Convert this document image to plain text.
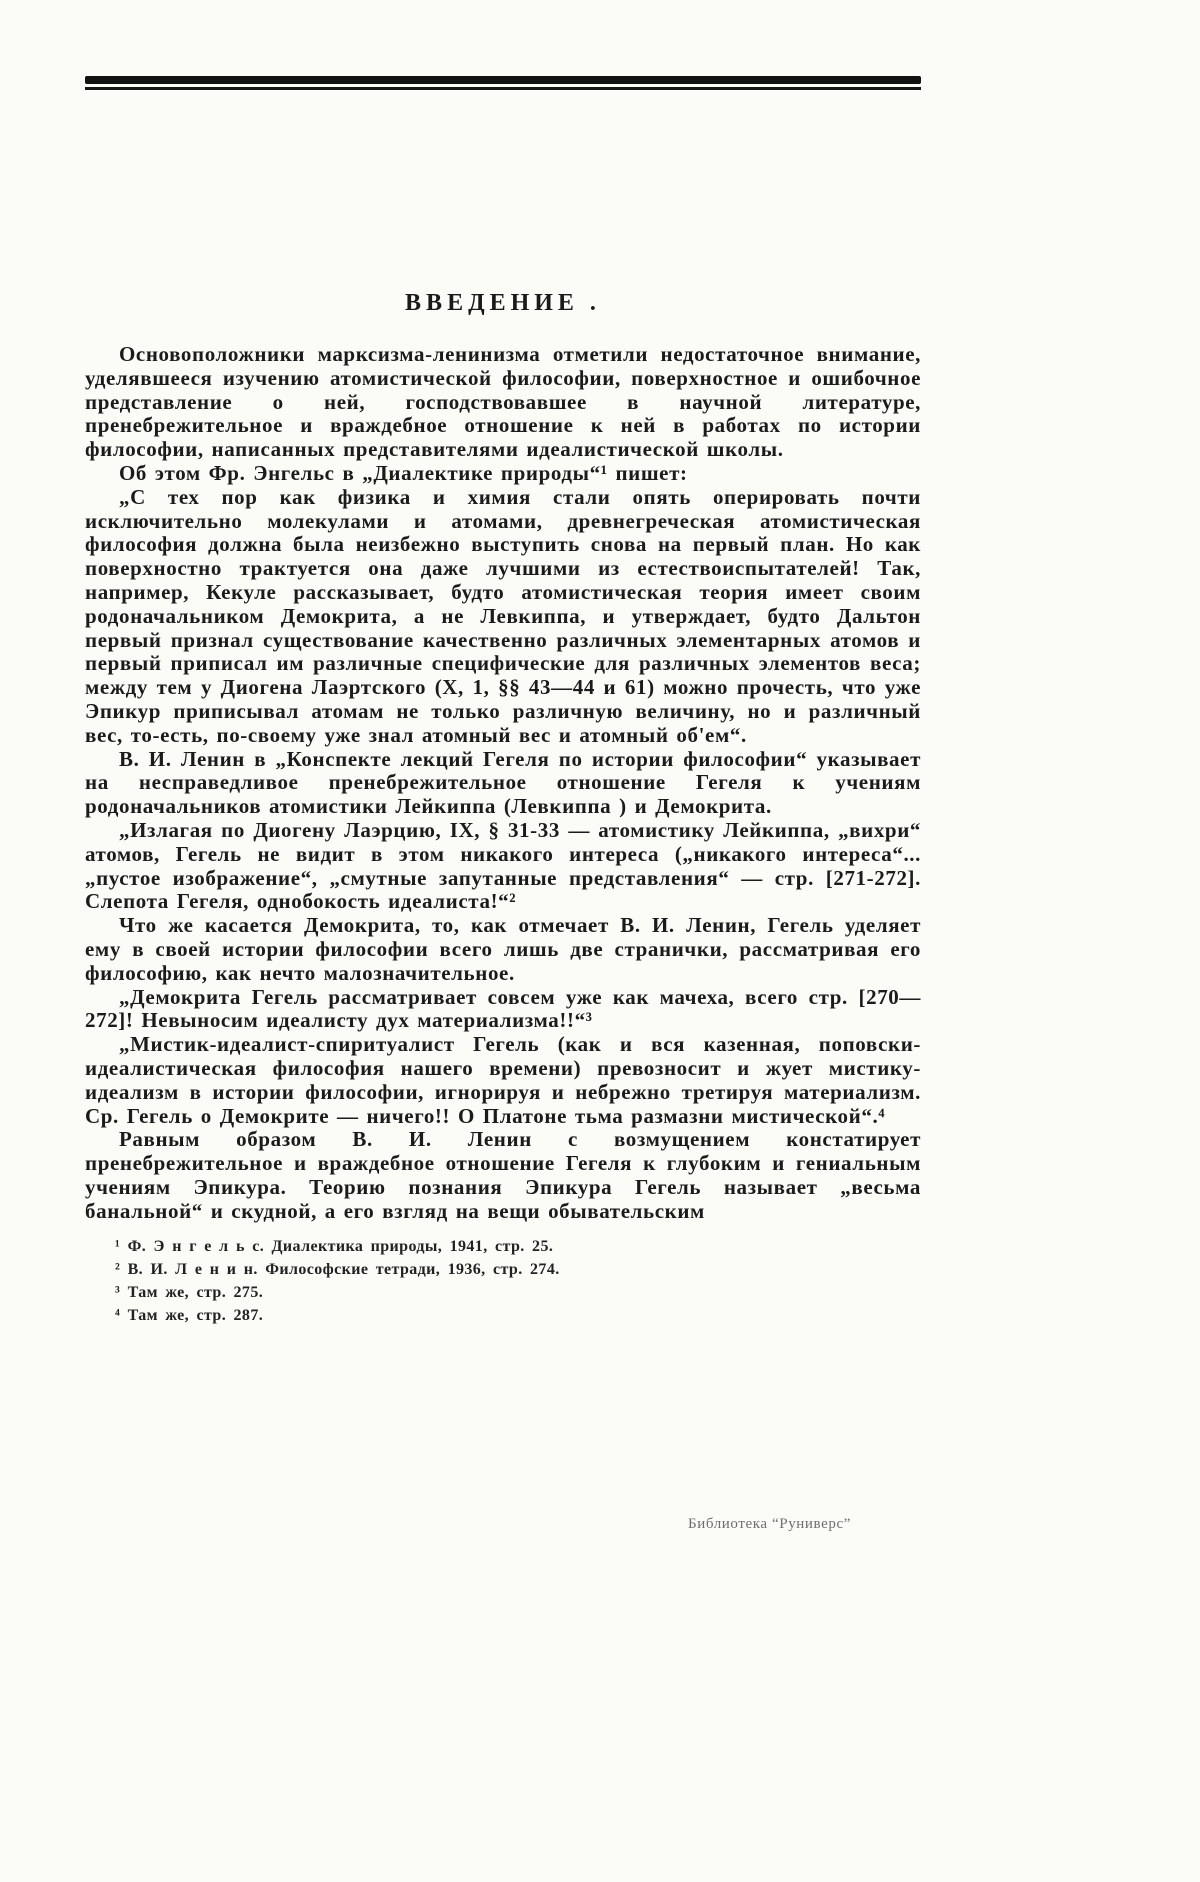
ВВЕДЕНИЕ .

Основоположники марксизма-ленинизма отметили недостаточное внимание, уделявшееся изучению атомистической философии, поверхностное и ошибочное представление о ней, господствовавшее в научной литературе, пренебрежительное и враждебное отношение к ней в работах по истории философии, написанных представителями идеалистической школы.

Об этом Фр. Энгельс в „Диалектике природы“¹ пишет:

„С тех пор как физика и химия стали опять оперировать почти исключительно молекулами и атомами, древнегреческая атомистическая философия должна была неизбежно выступить снова на первый план. Но как поверхностно трактуется она даже лучшими из естествоиспытателей! Так, например, Кекуле рассказывает, будто атомистическая теория имеет своим родоначальником Демокрита, а не Левкиппа, и утверждает, будто Дальтон первый признал существование качественно различных элементарных атомов и первый приписал им различные специфические для различных элементов веса; между тем у Диогена Лаэртского (X, 1, §§ 43—44 и 61) можно прочесть, что уже Эпикур приписывал атомам не только различную величину, но и различный вес, то-есть, по-своему уже знал атомный вес и атомный об'ем“.

В. И. Ленин в „Конспекте лекций Гегеля по истории философии“ указывает на несправедливое пренебрежительное отношение Гегеля к учениям родоначальников атомистики Лейкиппа (Левкиппа ) и Демокрита.

„Излагая по Диогену Лаэрцию, IX, § 31-33 — атомистику Лейкиппа, „вихри“ атомов, Гегель не видит в этом никакого интереса („никакого интереса“... „пустое изображение“, „смутные запутанные представления“ — стр. [271-272]. Слепота Гегеля, однобокость идеалиста!“²

Что же касается Демокрита, то, как отмечает В. И. Ленин, Гегель уделяет ему в своей истории философии всего лишь две странички, рассматривая его философию, как нечто малозначительное.

„Демокрита Гегель рассматривает совсем уже как мачеха, всего стр. [270—272]! Невыносим идеалисту дух материализма!!“³

„Мистик-идеалист-спиритуалист Гегель (как и вся казенная, поповски-идеалистическая философия нашего времени) превозносит и жует мистику-идеализм в истории философии, игнорируя и небрежно третируя материализм. Ср. Гегель о Демокрите — ничего!! О Платоне тьма размазни мистической“.⁴

Равным образом В. И. Ленин с возмущением констатирует пренебрежительное и враждебное отношение Гегеля к глубоким и гениальным учениям Эпикура. Теорию познания Эпикура Гегель называет „весьма банальной“ и скудной, а его взгляд на вещи обывательским

¹ Ф. Э н г е л ь с. Диалектика природы, 1941, стр. 25.

² В. И. Л е н и н. Философские тетради, 1936, стр. 274.

³ Там же, стр. 275.

⁴ Там же, стр. 287.

Библиотека “Руниверс”
